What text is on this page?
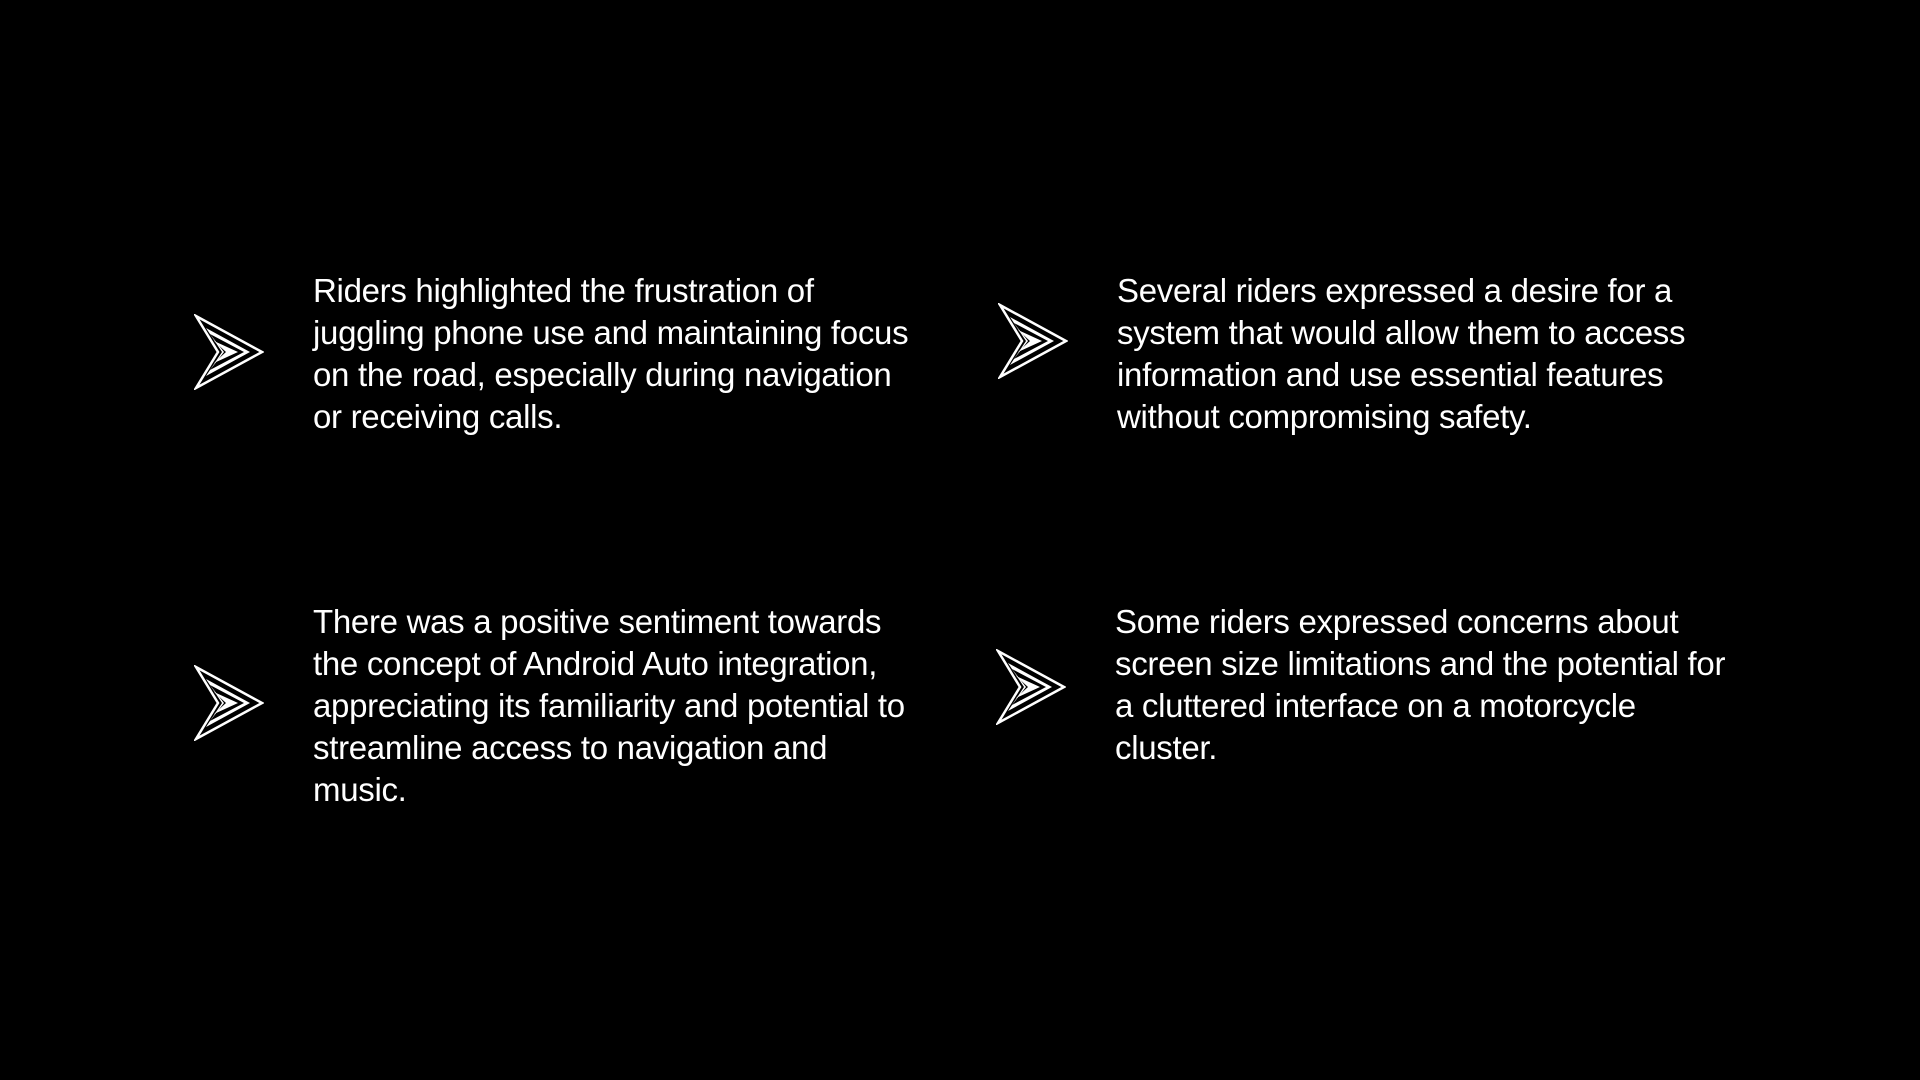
Riders highlighted the frustration of juggling phone use and maintaining focus on the road, especially during navigation or receiving calls.

Several riders expressed a desire for a system that would allow them to access information and use essential features without compromising safety.

There was a positive sentiment towards the concept of Android Auto integration, appreciating its familiarity and potential to streamline access to navigation and music.

Some riders expressed concerns about screen size limitations and the potential for a cluttered interface on a motorcycle cluster.
